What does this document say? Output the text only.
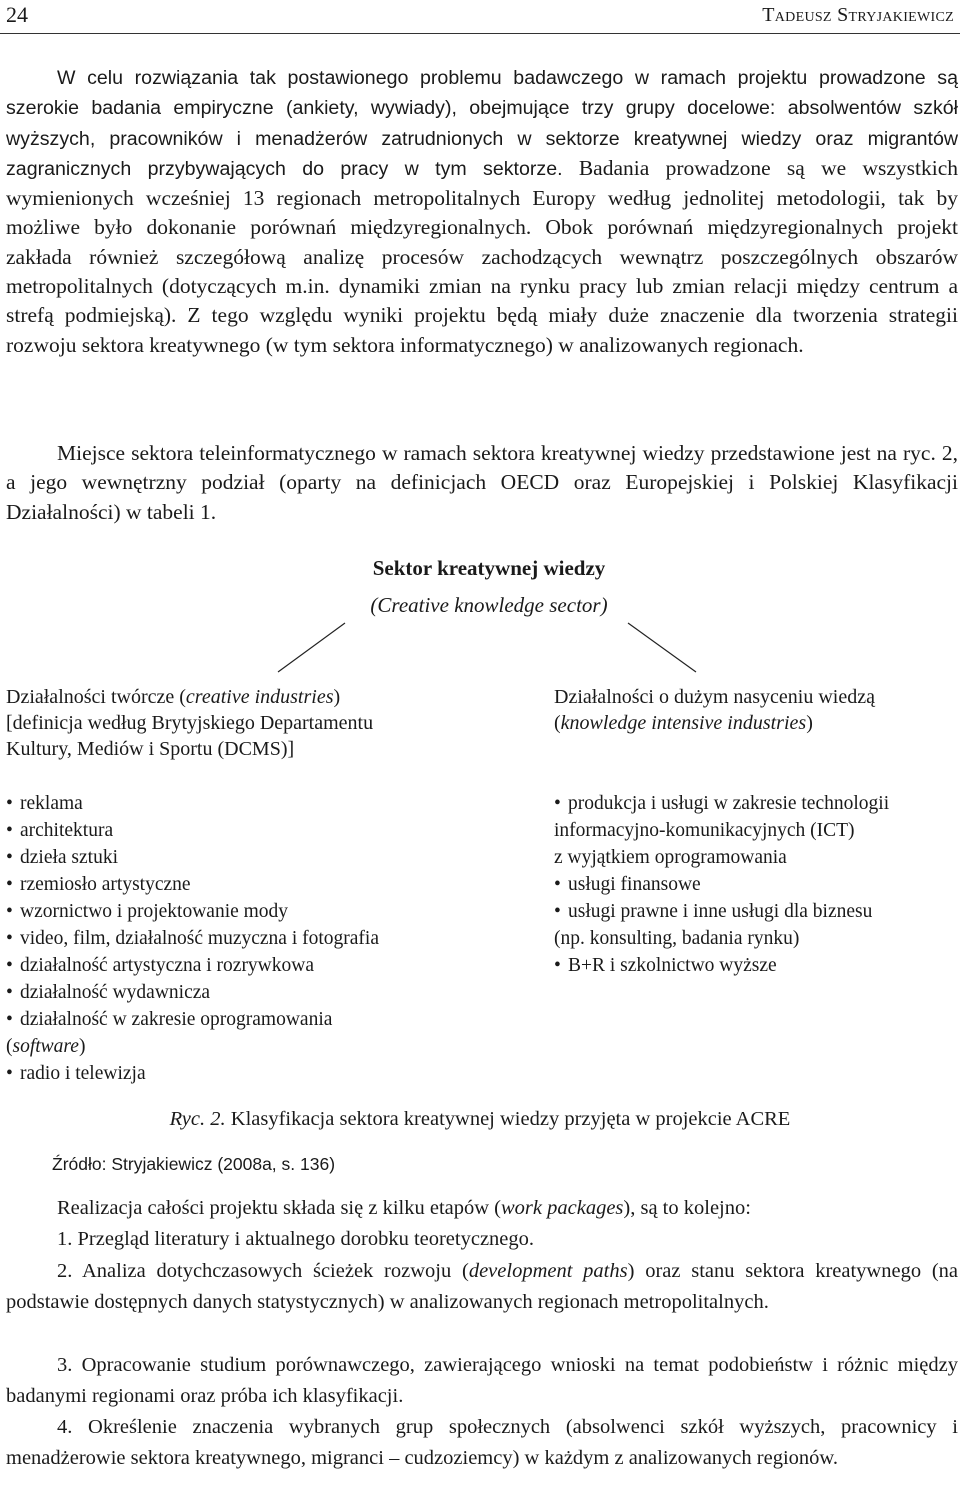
24	Tadeusz Stryjakiewicz

W celu rozwiązania tak postawionego problemu badawczego w ramach projektu prowadzone są szerokie badania empiryczne (ankiety, wywiady), obejmujące trzy grupy docelowe: absolwentów szkół wyższych, pracowników i menadżerów zatrudnionych w sektorze kreatywnej wiedzy oraz migrantów zagranicznych przybywających do pracy w tym sektorze. Badania prowadzone są we wszystkich wymienionych wcześniej 13 regionach metropolitalnych Europy według jednolitej metodologii, tak by możliwe było dokonanie porównań międzyregionalnych. Obok porównań międzyregionalnych projekt zakłada również szczegółową analizę procesów zachodzących wewnątrz poszczególnych obszarów metropolitalnych (dotyczących m.in. dynamiki zmian na rynku pracy lub zmian relacji między centrum a strefą podmiejską). Z tego względu wyniki projektu będą miały duże znaczenie dla tworzenia strategii rozwoju sektora kreatywnego (w tym sektora informatycznego) w analizowanych regionach.

Miejsce sektora teleinformatycznego w ramach sektora kreatywnej wiedzy przedstawione jest na ryc. 2, a jego wewnętrzny podział (oparty na definicjach OECD oraz Europejskiej i Polskiej Klasyfikacji Działalności) w tabeli 1.

Sektor kreatywnej wiedzy
(Creative knowledge sector)
Działalności twórcze (creative industries)
[definicja według Brytyjskiego Departamentu
Kultury, Mediów i Sportu (DCMS)]
Działalności o dużym nasyceniu wiedzą
(knowledge intensive industries)
• reklama
• architektura
• dzieła sztuki
• rzemiosło artystyczne
• wzornictwo i projektowanie mody
• video, film, działalność muzyczna i fotografia
• działalność artystyczna i rozrywkowa
• działalność wydawnicza
• działalność w zakresie oprogramowania
(software)
• radio i telewizja
• produkcja i usługi w zakresie technologii
informacyjno-komunikacyjnych (ICT)
z wyjątkiem oprogramowania
• usługi finansowe
• usługi prawne i inne usługi dla biznesu
(np. konsulting, badania rynku)
• B+R i szkolnictwo wyższe
Ryc. 2. Klasyfikacja sektora kreatywnej wiedzy przyjęta w projekcie ACRE
Źródło: Stryjakiewicz (2008a, s. 136)

Realizacja całości projektu składa się z kilku etapów (work packages), są to kolejno:

1. Przegląd literatury i aktualnego dorobku teoretycznego.

2. Analiza dotychczasowych ścieżek rozwoju (development paths) oraz stanu sektora kreatywnego (na podstawie dostępnych danych statystycznych) w analizowanych regionach metropolitalnych.

3. Opracowanie studium porównawczego, zawierającego wnioski na temat podobieństw i różnic między badanymi regionami oraz próba ich klasyfikacji.

4. Określenie znaczenia wybranych grup społecznych (absolwenci szkół wyższych, pracownicy i menadżerowie sektora kreatywnego, migranci – cudzoziemcy) w każdym z analizowanych regionów.
